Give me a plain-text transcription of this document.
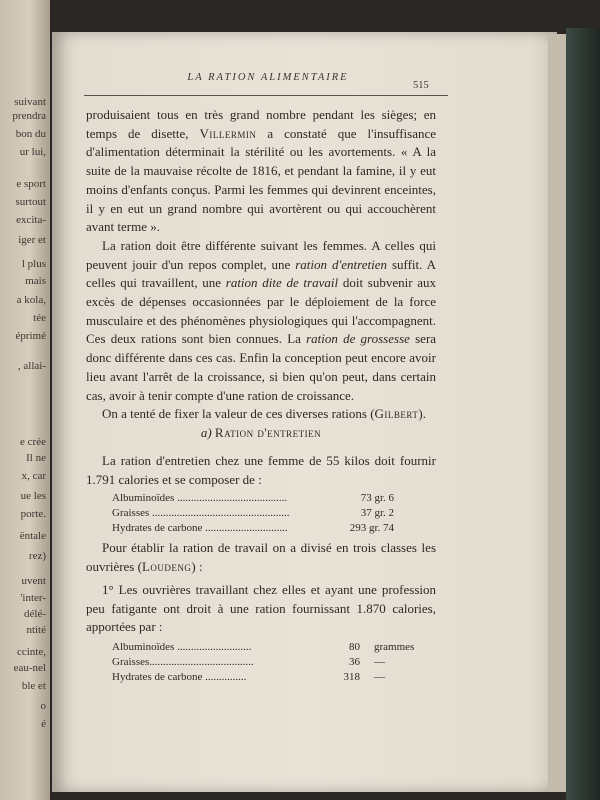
suivant
prendra
bon du
ur lui,
e sport
surtout
excita-
iger et
l plus
mais
a kola,
tée
éprimé
, allai-
e crée
Il ne
x, car
ue les
porte.
ëntale
rez)
uvent
'inter-
délé-
ntité
ccinte,
eau-nel
ble et
o
é
LA RATION ALIMENTAIRE
515

produisaient tous en très grand nombre pendant les sièges; en temps de disette, Villermin a constaté que l'insuffisance d'alimentation déterminait la stérilité ou les avortements. « A la suite de la mauvaise récolte de 1816, et pendant la famine, il y eut moins d'enfants conçus. Parmi les femmes qui devinrent enceintes, il y en eut un grand nombre qui avortèrent ou qui accouchèrent avant terme ».

La ration doit être différente suivant les femmes. A celles qui peuvent jouir d'un repos complet, une ration d'entretien suffit. A celles qui travaillent, une ration dite de travail doit subvenir aux excès de dépenses occasionnées par le déploiement de la force musculaire et des phénomènes physiologiques qui l'accompagnent. Ces deux rations sont bien connues. La ration de grossesse sera donc différente dans ces cas. Enfin la conception peut encore avoir lieu avant l'arrêt de la croissance, si bien qu'on peut, dans certain cas, avoir à tenir compte d'une ration de croissance.

On a tenté de fixer la valeur de ces diverses rations (Gilbert).

a) Ration d'entretien

La ration d'entretien chez une femme de 55 kilos doit fournir 1.791 calories et se composer de :

Albuminoïdes ........................................	73 gr. 6
Graisses ..................................................	37 gr. 2
Hydrates de carbone ..............................	293 gr. 74

Pour établir la ration de travail on a divisé en trois classes les ouvrières (Loudeng) :

1° Les ouvrières travaillant chez elles et ayant une profession peu fatigante ont droit à une ration fournissant 1.870 calories, apportées par :

Albuminoïdes ...........................	80 grammes
Graisses......................................	36 —
Hydrates de carbone ...............	318 —
